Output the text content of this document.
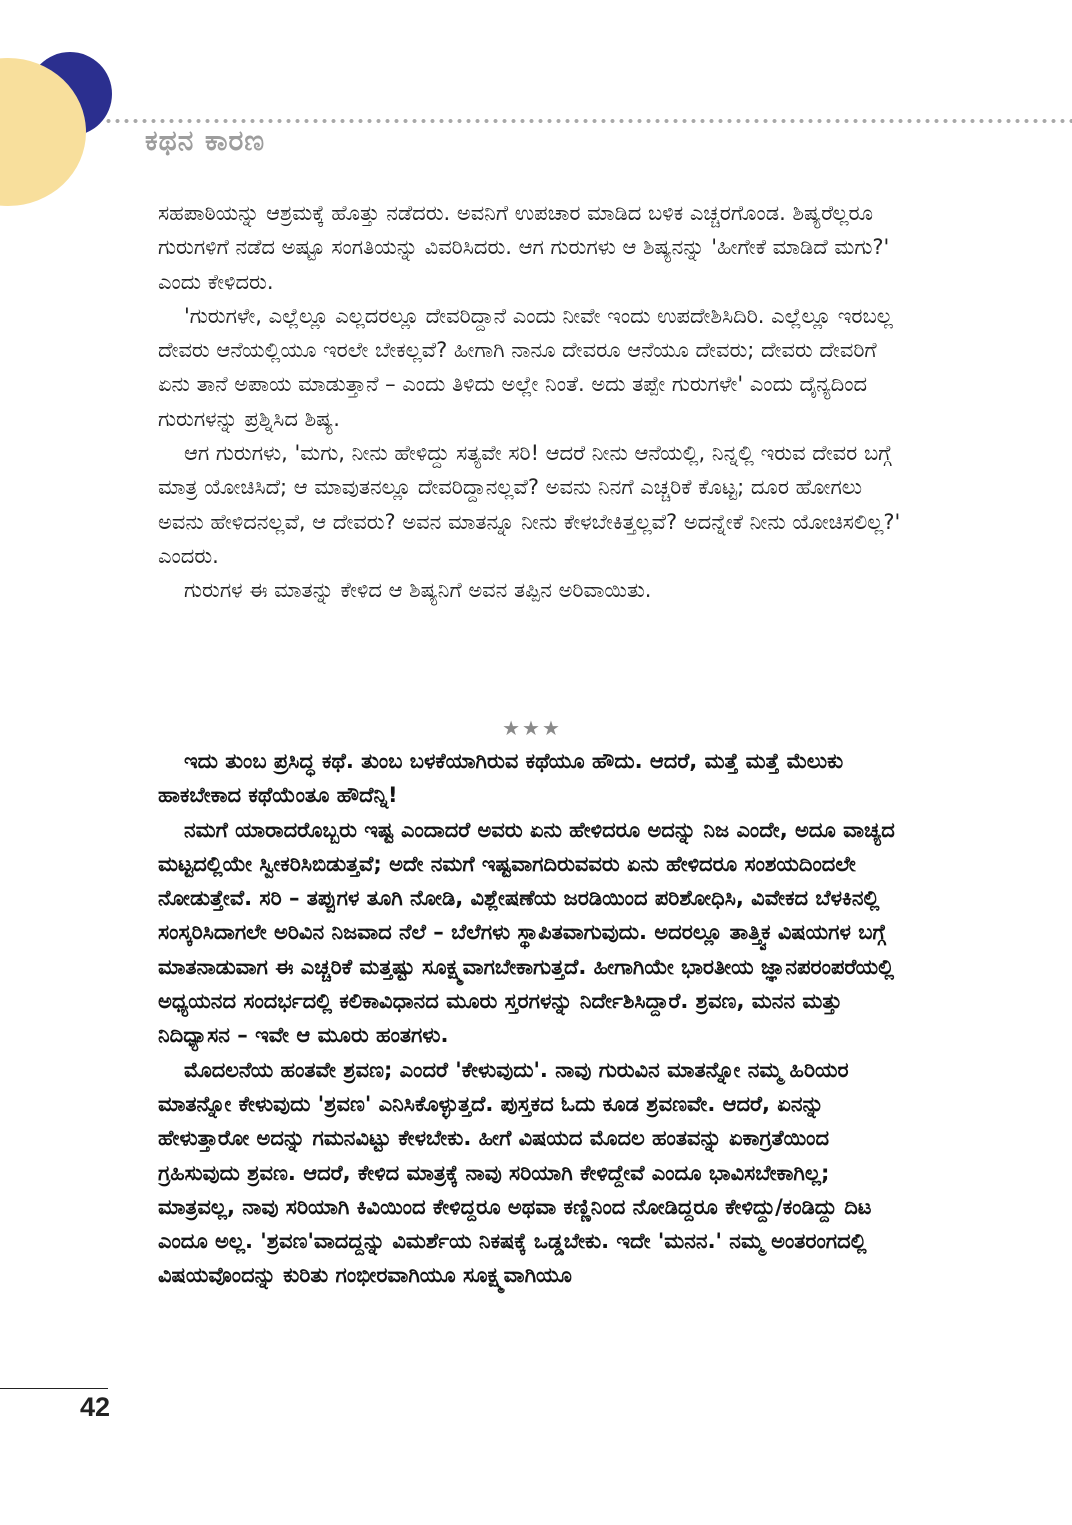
ಕಥನ ಕಾರಣ

ಸಹಪಾಠಿಯನ್ನು ಆಶ್ರಮಕ್ಕೆ ಹೊತ್ತು ನಡೆದರು. ಅವನಿಗೆ ಉಪಚಾರ ಮಾಡಿದ ಬಳಿಕ ಎಚ್ಚರಗೊಂಡ. ಶಿಷ್ಯರೆಲ್ಲರೂ ಗುರುಗಳಿಗೆ ನಡೆದ ಅಷ್ಟೂ ಸಂಗತಿಯನ್ನು ವಿವರಿಸಿದರು. ಆಗ ಗುರುಗಳು ಆ ಶಿಷ್ಯನನ್ನು 'ಹೀಗೇಕೆ ಮಾಡಿದೆ ಮಗು?' ಎಂದು ಕೇಳಿದರು.

'ಗುರುಗಳೇ, ಎಲ್ಲೆಲ್ಲೂ ಎಲ್ಲದರಲ್ಲೂ ದೇವರಿದ್ದಾನೆ ಎಂದು ನೀವೇ ಇಂದು ಉಪದೇಶಿಸಿದಿರಿ. ಎಲ್ಲೆಲ್ಲೂ ಇರಬಲ್ಲ ದೇವರು ಆನೆಯಲ್ಲಿಯೂ ಇರಲೇ ಬೇಕಲ್ಲವೆ? ಹೀಗಾಗಿ ನಾನೂ ದೇವರೂ ಆನೆಯೂ ದೇವರು; ದೇವರು ದೇವರಿಗೆ ಏನು ತಾನೆ ಅಪಾಯ ಮಾಡುತ್ತಾನೆ – ಎಂದು ತಿಳಿದು ಅಲ್ಲೇ ನಿಂತೆ. ಅದು ತಪ್ಪೇ ಗುರುಗಳೇ' ಎಂದು ದೈನ್ಯದಿಂದ ಗುರುಗಳನ್ನು ಪ್ರಶ್ನಿಸಿದ ಶಿಷ್ಯ.

ಆಗ ಗುರುಗಳು, 'ಮಗು, ನೀನು ಹೇಳಿದ್ದು ಸತ್ಯವೇ ಸರಿ! ಆದರೆ ನೀನು ಆನೆಯಲ್ಲಿ, ನಿನ್ನಲ್ಲಿ ಇರುವ ದೇವರ ಬಗ್ಗೆ ಮಾತ್ರ ಯೋಚಿಸಿದೆ; ಆ ಮಾವುತನಲ್ಲೂ ದೇವರಿದ್ದಾನಲ್ಲವೆ? ಅವನು ನಿನಗೆ ಎಚ್ಚರಿಕೆ ಕೊಟ್ಟ; ದೂರ ಹೋಗಲು ಅವನು ಹೇಳಿದನಲ್ಲವೆ, ಆ ದೇವರು? ಅವನ ಮಾತನ್ನೂ ನೀನು ಕೇಳಬೇಕಿತ್ತಲ್ಲವೆ? ಅದನ್ನೇಕೆ ನೀನು ಯೋಚಿಸಲಿಲ್ಲ?' ಎಂದರು.

ಗುರುಗಳ ಈ ಮಾತನ್ನು ಕೇಳಿದ ಆ ಶಿಷ್ಯನಿಗೆ ಅವನ ತಪ್ಪಿನ ಅರಿವಾಯಿತು.

★★★

ಇದು ತುಂಬ ಪ್ರಸಿದ್ಧ ಕಥೆ. ತುಂಬ ಬಳಕೆಯಾಗಿರುವ ಕಥೆಯೂ ಹೌದು. ಆದರೆ, ಮತ್ತೆ ಮತ್ತೆ ಮೆಲುಕು ಹಾಕಬೇಕಾದ ಕಥೆಯೆಂತೂ ಹೌದೆನ್ನಿ!

ನಮಗೆ ಯಾರಾದರೊಬ್ಬರು ಇಷ್ಟ ಎಂದಾದರೆ ಅವರು ಏನು ಹೇಳಿದರೂ ಅದನ್ನು ನಿಜ ಎಂದೇ, ಅದೂ ವಾಚ್ಯದ ಮಟ್ಟದಲ್ಲಿಯೇ ಸ್ವೀಕರಿಸಿಬಿಡುತ್ತವೆ; ಅದೇ ನಮಗೆ ಇಷ್ಟವಾಗದಿರುವವರು ಏನು ಹೇಳಿದರೂ ಸಂಶಯದಿಂದಲೇ ನೋಡುತ್ತೇವೆ. ಸರಿ – ತಪ್ಪುಗಳ ತೂಗಿ ನೋಡಿ, ವಿಶ್ಲೇಷಣೆಯ ಜರಡಿಯಿಂದ ಪರಿಶೋಧಿಸಿ, ವಿವೇಕದ ಬೆಳಕಿನಲ್ಲಿ ಸಂಸ್ಕರಿಸಿದಾಗಲೇ ಅರಿವಿನ ನಿಜವಾದ ನೆಲೆ – ಬೆಲೆಗಳು ಸ್ಥಾಪಿತವಾಗುವುದು. ಅದರಲ್ಲೂ ತಾತ್ತ್ವಿಕ ವಿಷಯಗಳ ಬಗ್ಗೆ ಮಾತನಾಡುವಾಗ ಈ ಎಚ್ಚರಿಕೆ ಮತ್ತಷ್ಟು ಸೂಕ್ಷ್ಮವಾಗಬೇಕಾಗುತ್ತದೆ. ಹೀಗಾಗಿಯೇ ಭಾರತೀಯ ಜ್ಞಾನಪರಂಪರೆಯಲ್ಲಿ ಅಧ್ಯಯನದ ಸಂದರ್ಭದಲ್ಲಿ ಕಲಿಕಾವಿಧಾನದ ಮೂರು ಸ್ತರಗಳನ್ನು ನಿರ್ದೇಶಿಸಿದ್ದಾರೆ. ಶ್ರವಣ, ಮನನ ಮತ್ತು ನಿದಿಧ್ಯಾಸನ – ಇವೇ ಆ ಮೂರು ಹಂತಗಳು.

ಮೊದಲನೆಯ ಹಂತವೇ ಶ್ರವಣ; ಎಂದರೆ 'ಕೇಳುವುದು'. ನಾವು ಗುರುವಿನ ಮಾತನ್ನೋ ನಮ್ಮ ಹಿರಿಯರ ಮಾತನ್ನೋ ಕೇಳುವುದು 'ಶ್ರವಣ' ಎನಿಸಿಕೊಳ್ಳುತ್ತದೆ. ಪುಸ್ತಕದ ಓದು ಕೂಡ ಶ್ರವಣವೇ. ಆದರೆ, ಏನನ್ನು ಹೇಳುತ್ತಾರೋ ಅದನ್ನು ಗಮನವಿಟ್ಟು ಕೇಳಬೇಕು. ಹೀಗೆ ವಿಷಯದ ಮೊದಲ ಹಂತವನ್ನು ಏಕಾಗ್ರತೆಯಿಂದ ಗ್ರಹಿಸುವುದು ಶ್ರವಣ. ಆದರೆ, ಕೇಳಿದ ಮಾತ್ರಕ್ಕೆ ನಾವು ಸರಿಯಾಗಿ ಕೇಳಿದ್ದೇವೆ ಎಂದೂ ಭಾವಿಸಬೇಕಾಗಿಲ್ಲ; ಮಾತ್ರವಲ್ಲ, ನಾವು ಸರಿಯಾಗಿ ಕಿವಿಯಿಂದ ಕೇಳಿದ್ದರೂ ಅಥವಾ ಕಣ್ಣಿನಿಂದ ನೋಡಿದ್ದರೂ ಕೇಳಿದ್ದು/ಕಂಡಿದ್ದು ದಿಟ ಎಂದೂ ಅಲ್ಲ. 'ಶ್ರವಣ'ವಾದದ್ದನ್ನು ವಿಮರ್ಶೆಯ ನಿಕಷಕ್ಕೆ ಒಡ್ಡಬೇಕು. ಇದೇ 'ಮನನ.' ನಮ್ಮ ಅಂತರಂಗದಲ್ಲಿ ವಿಷಯವೊಂದನ್ನು ಕುರಿತು ಗಂಭೀರವಾಗಿಯೂ ಸೂಕ್ಷ್ಮವಾಗಿಯೂ

42
